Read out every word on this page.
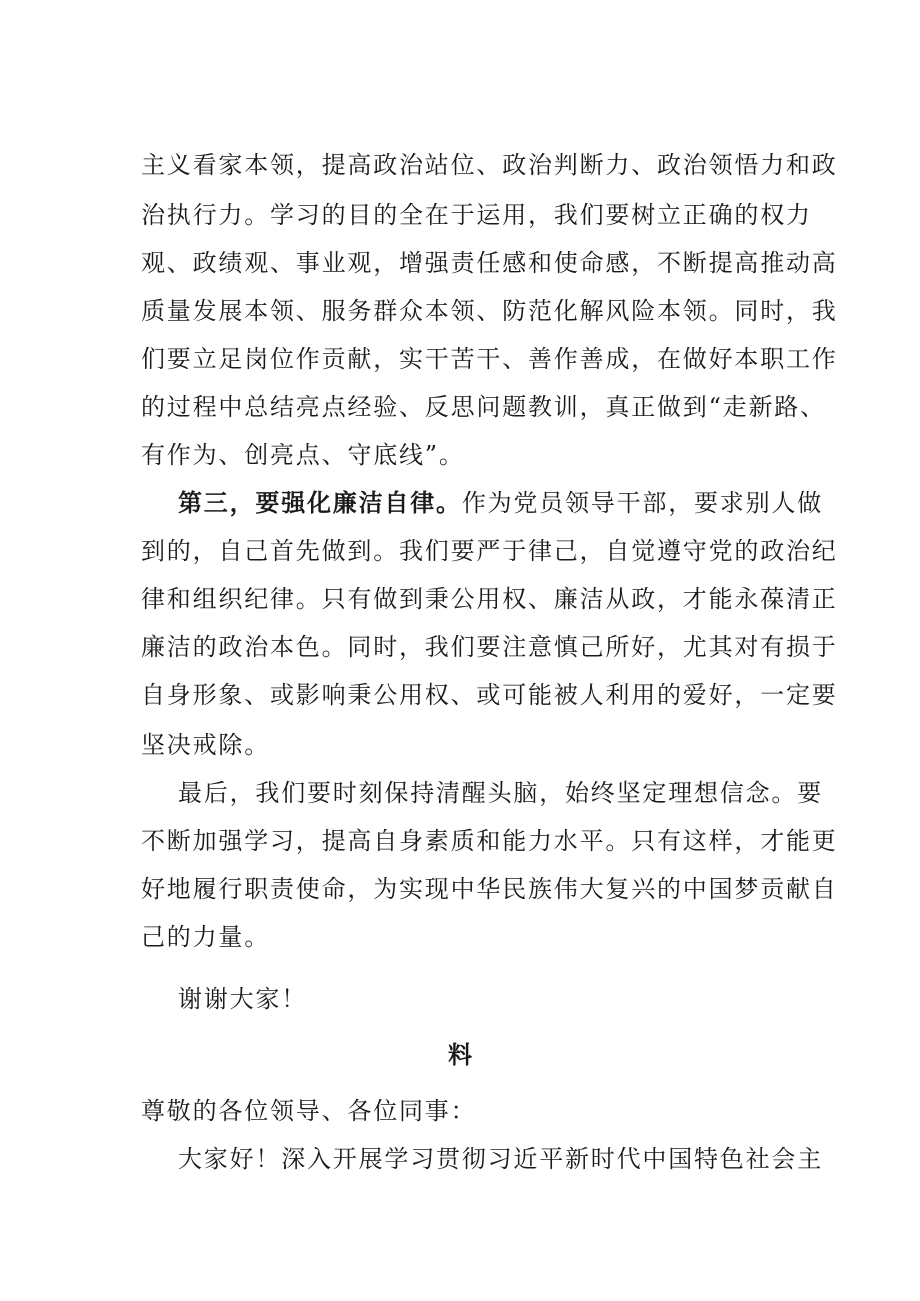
主义看家本领，提高政治站位、政治判断力、政治领悟力和政

治执行力。学习的目的全在于运用，我们要树立正确的权力

观、政绩观、事业观，增强责任感和使命感，不断提高推动高

质量发展本领、服务群众本领、防范化解风险本领。同时，我

们要立足岗位作贡献，实干苦干、善作善成，在做好本职工作

的过程中总结亮点经验、反思问题教训，真正做到“走新路、

有作为、创亮点、守底线”。

第三，要强化廉洁自律。作为党员领导干部，要求别人做

到的，自己首先做到。我们要严于律己，自觉遵守党的政治纪

律和组织纪律。只有做到秉公用权、廉洁从政，才能永葆清正

廉洁的政治本色。同时，我们要注意慎己所好，尤其对有损于

自身形象、或影响秉公用权、或可能被人利用的爱好，一定要

坚决戒除。

最后，我们要时刻保持清醒头脑，始终坚定理想信念。要

不断加强学习，提高自身素质和能力水平。只有这样，才能更

好地履行职责使命，为实现中华民族伟大复兴的中国梦贡献自

己的力量。

谢谢大家！

料

尊敬的各位领导、各位同事：

大家好！深入开展学习贯彻习近平新时代中国特色社会主
